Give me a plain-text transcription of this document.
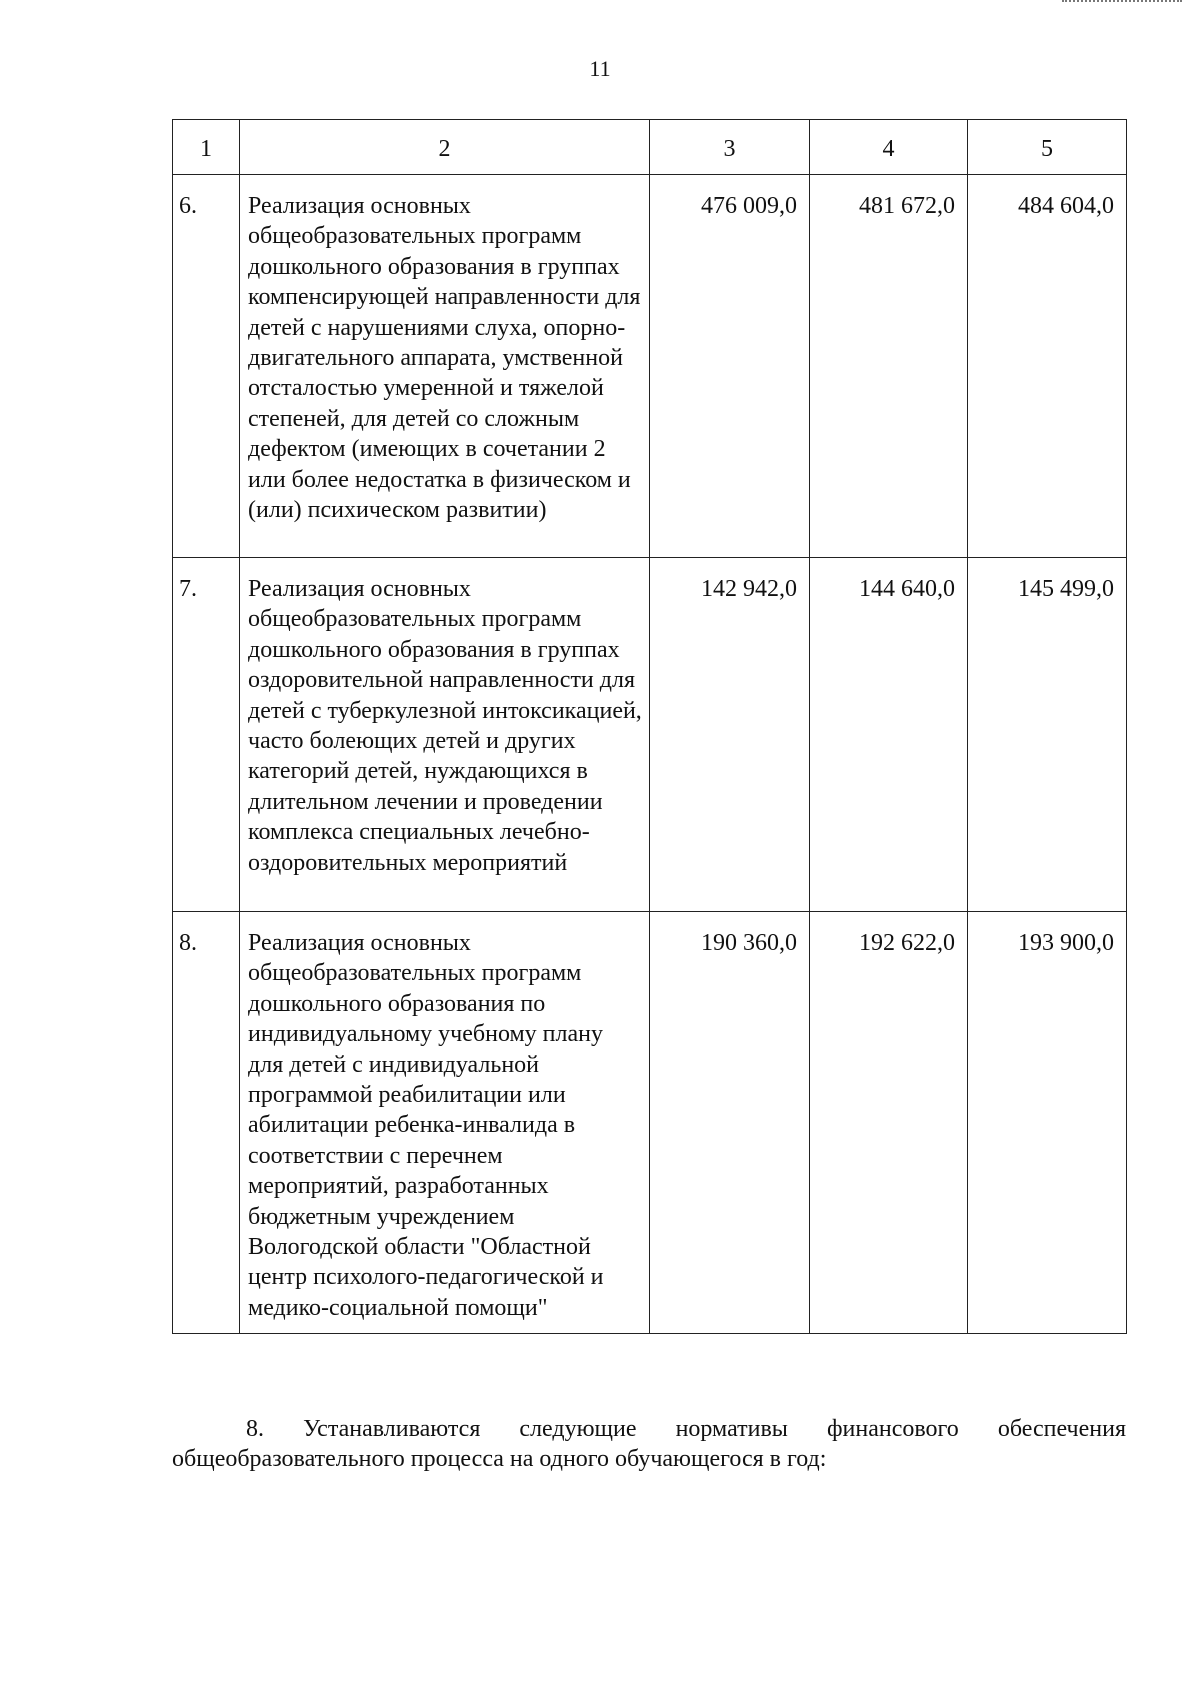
11
1	2	3	4	5
6.	Реализация основных общеобразовательных программ дошкольного образования в группах компенсирующей направленности для детей с нарушениями слуха, опорно-двигательного аппарата, умственной отсталостью умеренной и тяжелой степеней, для детей со сложным дефектом (имеющих в сочетании 2 или более недостатка в физическом и (или) психическом развитии)	476 009,0	481 672,0	484 604,0
7.	Реализация основных общеобразовательных программ дошкольного образования в группах оздоровительной направленности для детей с туберкулезной интоксикацией, часто болеющих детей и других категорий детей, нуждающихся в длительном лечении и проведении комплекса специальных лечебно-оздоровительных мероприятий	142 942,0	144 640,0	145 499,0
8.	Реализация основных общеобразовательных программ дошкольного образования по индивидуальному учебному плану для детей с индивидуальной программой реабилитации или абилитации ребенка-инвалида в соответствии с перечнем мероприятий, разработанных бюджетным учреждением Вологодской области "Областной центр психолого-педагогической и медико-социальной помощи"	190 360,0	192 622,0	193 900,0

8. Устанавливаются следующие нормативы финансового обеспечения общеобразовательного процесса на одного обучающегося в год:
